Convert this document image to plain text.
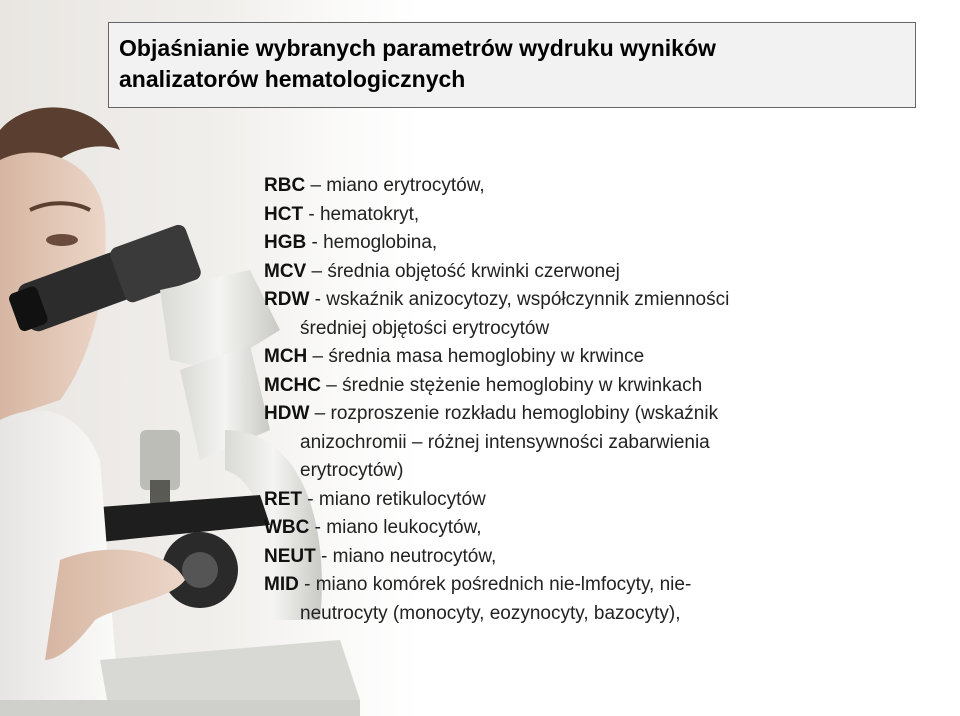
Objaśnianie wybranych parametrów wydruku wyników
analizatorów hematologicznych
RBC – miano erytrocytów,
HCT - hematokryt,
HGB - hemoglobina,
MCV – średnia objętość krwinki czerwonej
RDW - wskaźnik anizocytozy, współczynnik zmienności
średniej objętości erytrocytów
MCH – średnia masa hemoglobiny w krwince
MCHC – średnie stężenie hemoglobiny w krwinkach
HDW – rozproszenie rozkładu hemoglobiny (wskaźnik
anizochromii – różnej intensywności zabarwienia
erytrocytów)
RET - miano retikulocytów
WBC - miano leukocytów,
NEUT - miano neutrocytów,
MID - miano komórek pośrednich nie-lmfocyty, nie-
neutrocyty (monocyty, eozynocyty, bazocyty),
